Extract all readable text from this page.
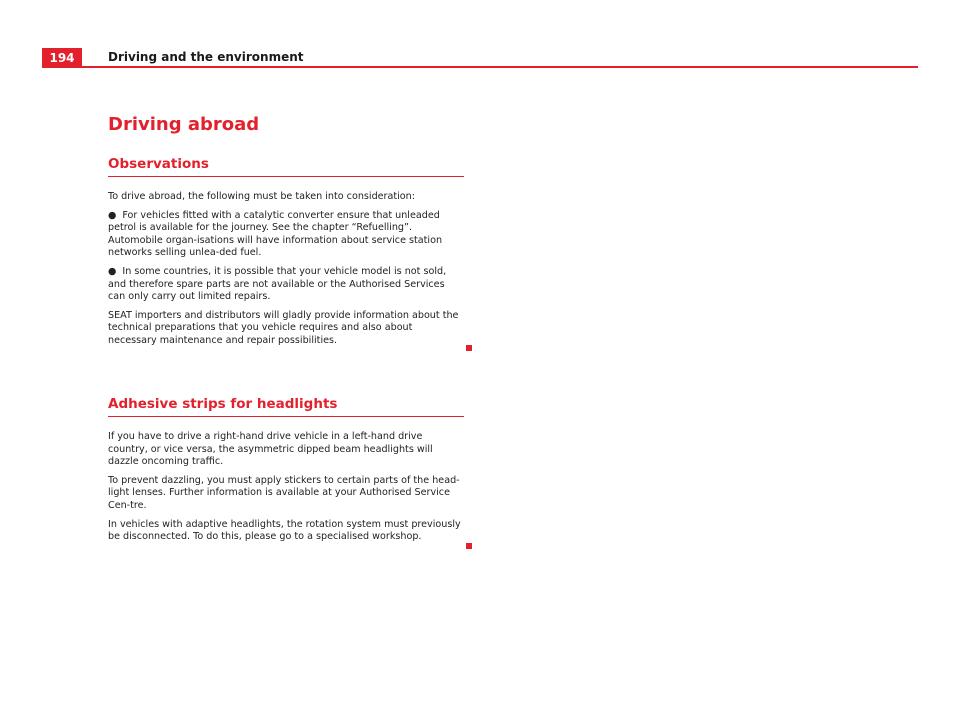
194	Driving and the environment
Driving abroad
Observations

To drive abroad, the following must be taken into consideration:

● For vehicles fitted with a catalytic converter ensure that unleaded petrol is available for the journey. See the chapter “Refuelling”. Automobile organ-isations will have information about service station networks selling unlea-ded fuel.

● In some countries, it is possible that your vehicle model is not sold, and therefore spare parts are not available or the Authorised Services can only carry out limited repairs.

SEAT importers and distributors will gladly provide information about the technical preparations that you vehicle requires and also about necessary maintenance and repair possibilities.

Adhesive strips for headlights

If you have to drive a right-hand drive vehicle in a left-hand drive country, or vice versa, the asymmetric dipped beam headlights will dazzle oncoming traffic.

To prevent dazzling, you must apply stickers to certain parts of the head-light lenses. Further information is available at your Authorised Service Cen-tre.

In vehicles with adaptive headlights, the rotation system must previously be disconnected. To do this, please go to a specialised workshop.
